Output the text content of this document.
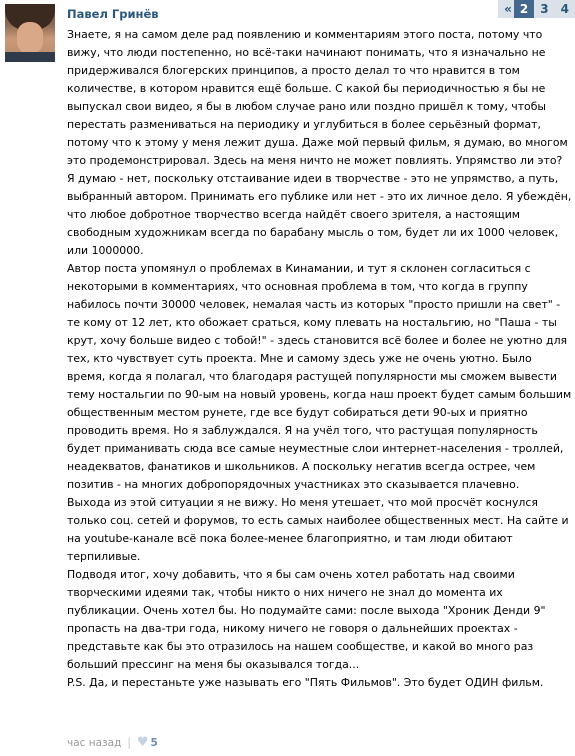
Павел Гринёв	« 2	3	4

Знаете, я на самом деле рад появлению и комментариям этого поста, потому что вижу, что люди постепенно, но всё-таки начинают понимать, что я изначально не придерживался блогерских принципов, а просто делал то что нравится в том количестве, в котором нравится ещё больше. С какой бы периодичностью я бы не выпускал свои видео, я бы в любом случае рано или поздно пришёл к тому, чтобы перестать размениваться на периодику и углубиться в более серьёзный формат, потому что к этому у меня лежит душа. Даже мой первый фильм, я думаю, во многом это продемонстрировал. Здесь на меня ничто не может повлиять. Упрямство ли это? Я думаю - нет, поскольку отстаивание идеи в творчестве - это не упрямство, а путь, выбранный автором. Принимать его публике или нет - это их личное дело. Я убеждён, что любое добротное творчество всегда найдёт своего зрителя, а настоящим свободным художникам всегда по барабану мысль о том, будет ли их 1000 человек, или 1000000.

Автор поста упомянул о проблемах в Кинамании, и тут я склонен согласиться с некоторыми в комментариях, что основная проблема в том, что когда в группу набилось почти 30000 человек, немалая часть из которых "просто пришли на свет" - те кому от 12 лет, кто обожает сраться, кому плевать на ностальгию, но "Паша - ты крут, хочу больше видео с тобой!" - здесь становится всё более и более не уютно для тех, кто чувствует суть проекта. Мне и самому здесь уже не очень уютно. Было время, когда я полагал, что благодаря растущей популярности мы сможем вывести тему ностальгии по 90-ым на новый уровень, когда наш проект будет самым большим общественным местом рунете, где все будут собираться дети 90-ых и приятно проводить время. Но я заблуждался. Я на учёл того, что растущая популярность будет приманивать сюда все самые неуместные слои интернет-населения - троллей, неадекватов, фанатиков и школьников. А поскольку негатив всегда острее, чем позитив - на многих добропорядочных участниках это сказывается плачевно.

Выхода из этой ситуации я не вижу. Но меня утешает, что мой просчёт коснулся только соц. сетей и форумов, то есть самых наиболее общественных мест. На сайте и на youtube-канале всё пока более-менее благоприятно, и там люди обитают терпиливые.

Подводя итог, хочу добавить, что я бы сам очень хотел работать над своими творческими идеями так, чтобы никто о них ничего не знал до момента их публикации. Очень хотел бы. Но подумайте сами: после выхода "Хроник Денди 9" пропасть на два-три года, никому ничего не говоря о дальнейших проектах - представьте как бы это отразилось на нашем сообществе, и какой во много раз больший прессинг на меня бы оказывался тогда...

P.S. Да, и перестаньте уже называть его "Пять Фильмов". Это будет ОДИН фильм.

час назад | ♥ 5
